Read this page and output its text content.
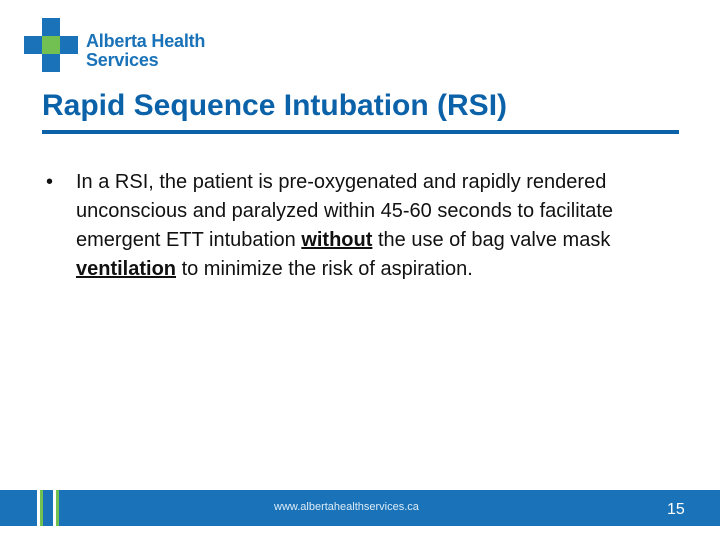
Alberta Health
Services
Rapid Sequence Intubation (RSI)
•	In a RSI, the patient is pre-oxygenated and rapidly rendered unconscious and paralyzed within 45-60 seconds to facilitate emergent ETT intubation without the use of bag valve mask ventilation to minimize the risk of aspiration.
www.albertahealthservices.ca	15
